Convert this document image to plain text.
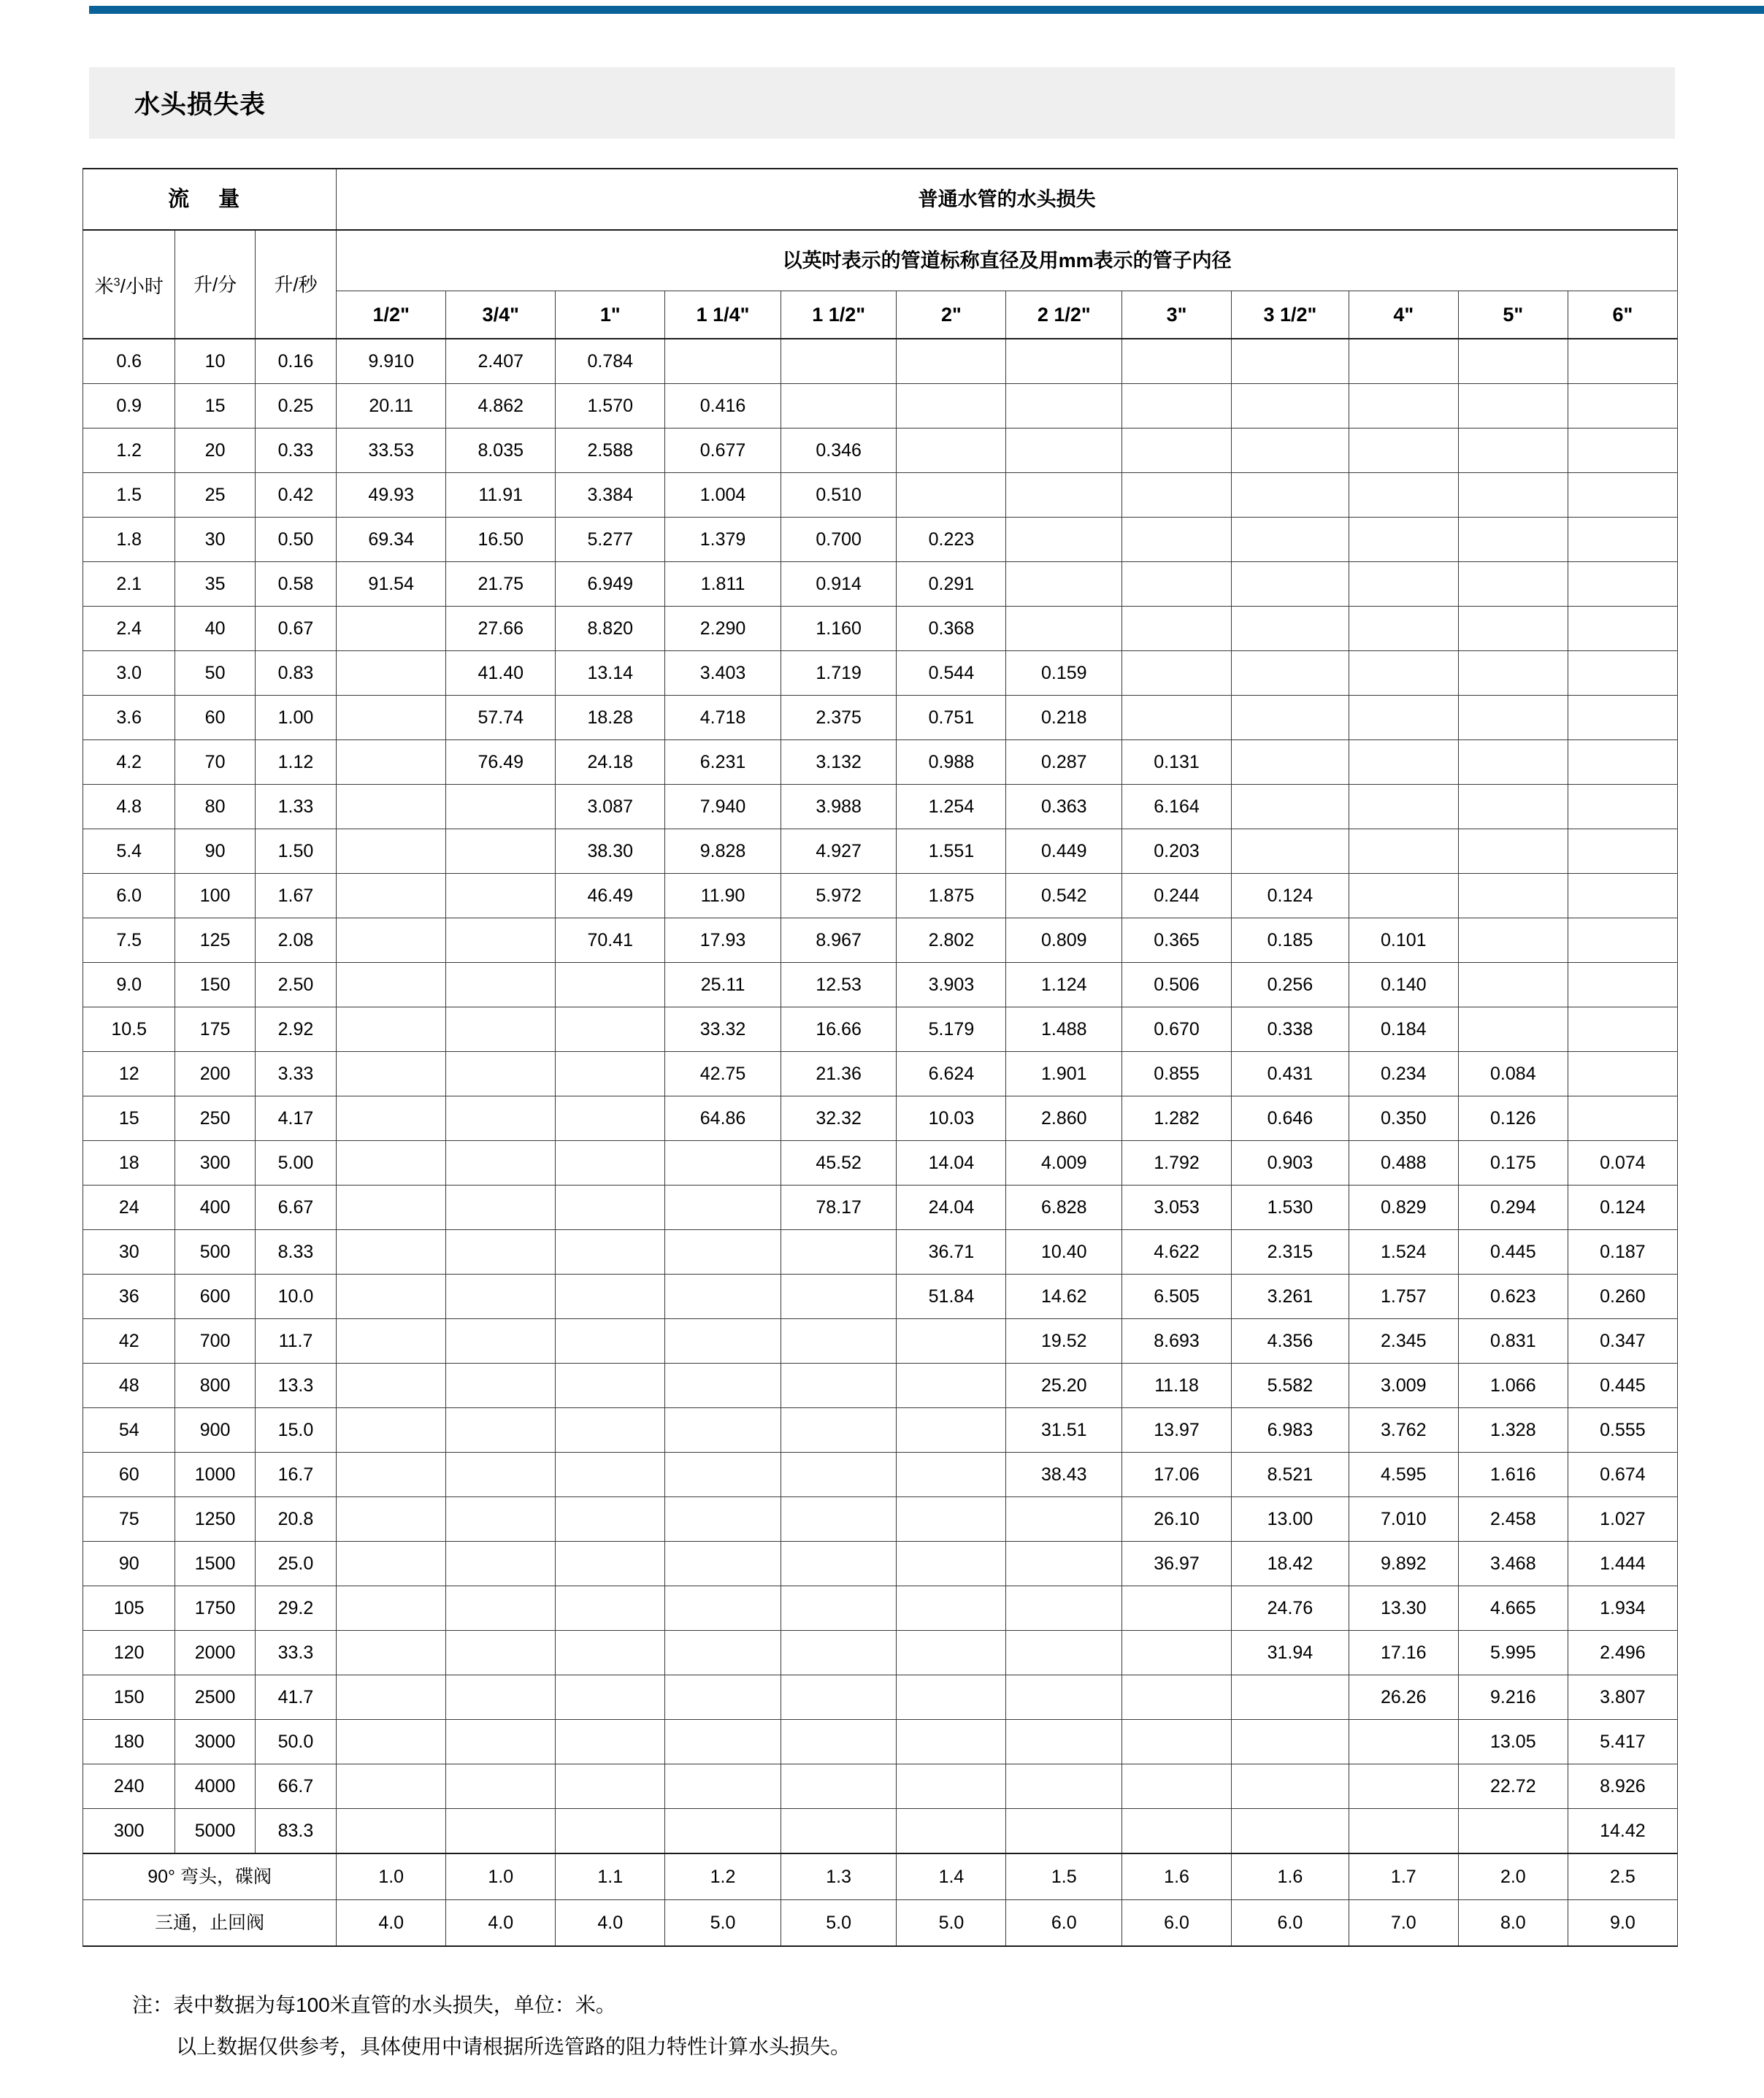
水头损失表
流 量			普通水管的水头损失											
米$^3$/小时	升/分	升/秒	以英吋表示的管道标称直径及用mm表示的管子内径											
			1/2"	3/4"	1"	1 1/4"	1 1/2"	2"	2 1/2"	3"	3 1/2"	4"	5"	6"
0.6	10	0.16	9.910	2.407	0.784									
0.9	15	0.25	20.11	4.862	1.570	0.416								
1.2	20	0.33	33.53	8.035	2.588	0.677	0.346							
1.5	25	0.42	49.93	11.91	3.384	1.004	0.510							
1.8	30	0.50	69.34	16.50	5.277	1.379	0.700	0.223						
2.1	35	0.58	91.54	21.75	6.949	1.811	0.914	0.291						
2.4	40	0.67		27.66	8.820	2.290	1.160	0.368						
3.0	50	0.83		41.40	13.14	3.403	1.719	0.544	0.159					
3.6	60	1.00		57.74	18.28	4.718	2.375	0.751	0.218					
4.2	70	1.12		76.49	24.18	6.231	3.132	0.988	0.287	0.131				
4.8	80	1.33			3.087	7.940	3.988	1.254	0.363	6.164				
5.4	90	1.50			38.30	9.828	4.927	1.551	0.449	0.203				
6.0	100	1.67			46.49	11.90	5.972	1.875	0.542	0.244	0.124			
7.5	125	2.08			70.41	17.93	8.967	2.802	0.809	0.365	0.185	0.101		
9.0	150	2.50				25.11	12.53	3.903	1.124	0.506	0.256	0.140		
10.5	175	2.92				33.32	16.66	5.179	1.488	0.670	0.338	0.184		
12	200	3.33				42.75	21.36	6.624	1.901	0.855	0.431	0.234	0.084	
15	250	4.17				64.86	32.32	10.03	2.860	1.282	0.646	0.350	0.126	
18	300	5.00					45.52	14.04	4.009	1.792	0.903	0.488	0.175	0.074
24	400	6.67					78.17	24.04	6.828	3.053	1.530	0.829	0.294	0.124
30	500	8.33						36.71	10.40	4.622	2.315	1.524	0.445	0.187
36	600	10.0						51.84	14.62	6.505	3.261	1.757	0.623	0.260
42	700	11.7							19.52	8.693	4.356	2.345	0.831	0.347
48	800	13.3							25.20	11.18	5.582	3.009	1.066	0.445
54	900	15.0							31.51	13.97	6.983	3.762	1.328	0.555
60	1000	16.7							38.43	17.06	8.521	4.595	1.616	0.674
75	1250	20.8								26.10	13.00	7.010	2.458	1.027
90	1500	25.0								36.97	18.42	9.892	3.468	1.444
105	1750	29.2									24.76	13.30	4.665	1.934
120	2000	33.3									31.94	17.16	5.995	2.496
150	2500	41.7										26.26	9.216	3.807
180	3000	50.0											13.05	5.417
240	4000	66.7											22.72	8.926
300	5000	83.3												14.42
90° 弯头，碟阀			1.0	1.0	1.1	1.2	1.3	1.4	1.5	1.6	1.6	1.7	2.0	2.5
三通，止回阀			4.0	4.0	4.0	5.0	5.0	5.0	6.0	6.0	6.0	7.0	8.0	9.0
注：表中数据为每100米直管的水头损失，单位：米。
以上数据仅供参考，具体使用中请根据所选管路的阻力特性计算水头损失。
